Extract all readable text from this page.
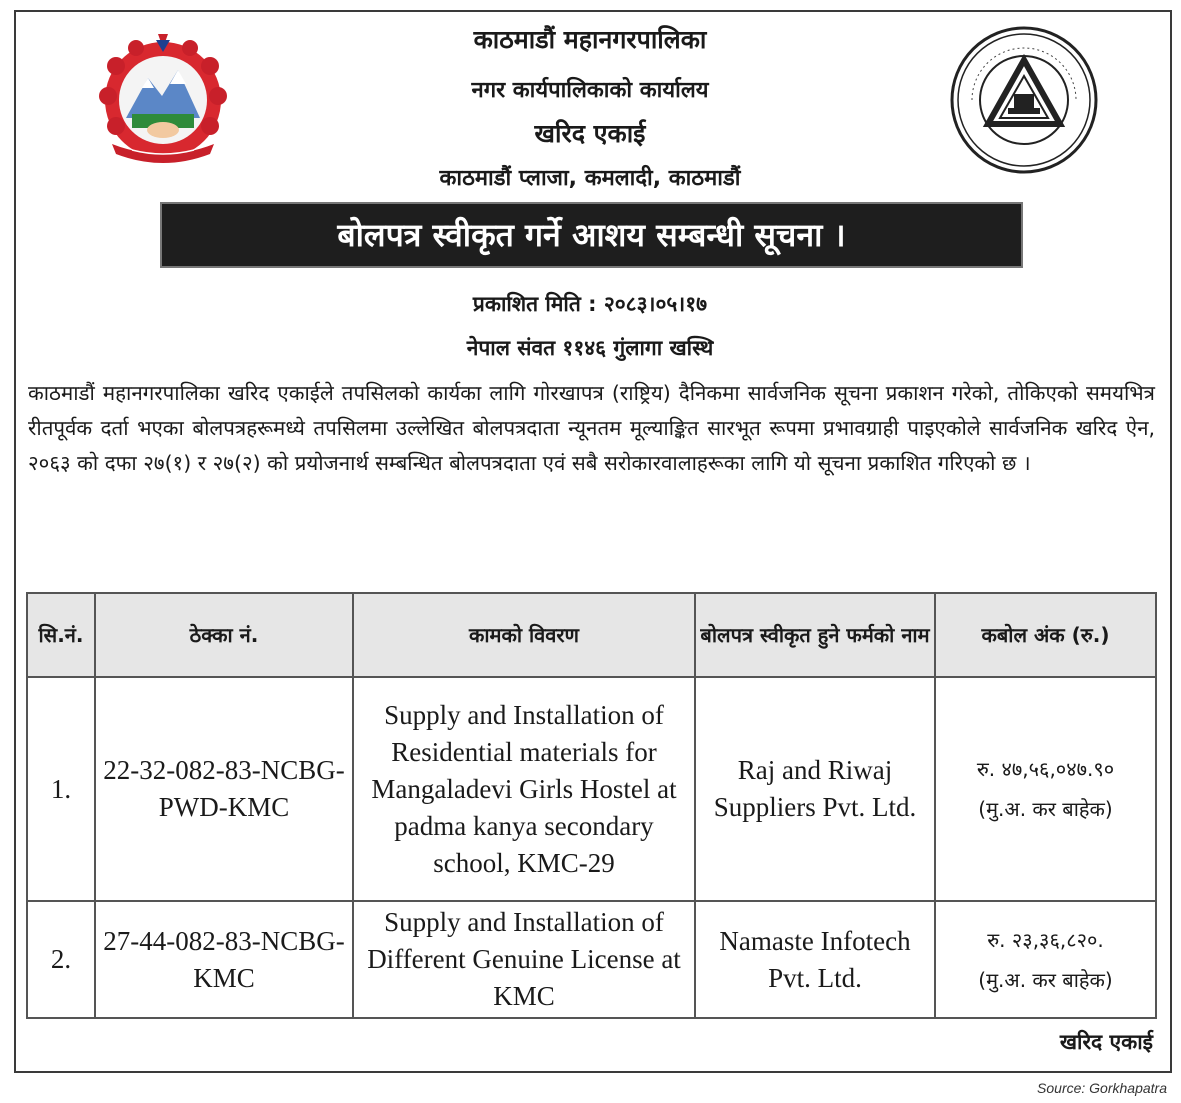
काठमाडौं महानगरपालिका
नगर कार्यपालिकाको कार्यालय
खरिद एकाई
काठमाडौं प्लाजा, कमलादी, काठमाडौं
बोलपत्र स्वीकृत गर्ने आशय सम्बन्धी सूचना ।
प्रकाशित मिति : २०८३।०५।१७
नेपाल संवत ११४६ गुंलागा खस्थि
काठमाडौं महानगरपालिका खरिद एकाईले तपसिलको कार्यका लागि गोरखापत्र (राष्ट्रिय) दैनिकमा सार्वजनिक सूचना प्रकाशन गरेको, तोकिएको समयभित्र रीतपूर्वक दर्ता भएका बोलपत्रहरूमध्ये तपसिलमा उल्लेखित बोलपत्रदाता न्यूनतम मूल्याङ्कित सारभूत रूपमा प्रभावग्राही पाइएकोले सार्वजनिक खरिद ऐन, २०६३ को दफा २७(१) र २७(२) को प्रयोजनार्थ सम्बन्धित बोलपत्रदाता एवं सबै सरोकारवालाहरूका लागि यो सूचना प्रकाशित गरिएको छ ।
सि.नं.	ठेक्का नं.	कामको विवरण	बोलपत्र स्वीकृत हुने फर्मको नाम	कबोल अंक (रु.)
1.	22-32-082-83-NCBG-PWD-KMC	Supply and Installation of Residential materials for Mangaladevi Girls Hostel at padma kanya secondary school, KMC-29	Raj and Riwaj Suppliers Pvt. Ltd.	रु. ४७,५६,०४७.९०
(मु.अ. कर बाहेक)

2.	27-44-082-83-NCBG-KMC	Supply and Installation of Different Genuine License at KMC	Namaste Infotech Pvt. Ltd.	रु. २३,३६,८२०.
(मु.अ. कर बाहेक)
खरिद एकाई
Source: Gorkhapatra
